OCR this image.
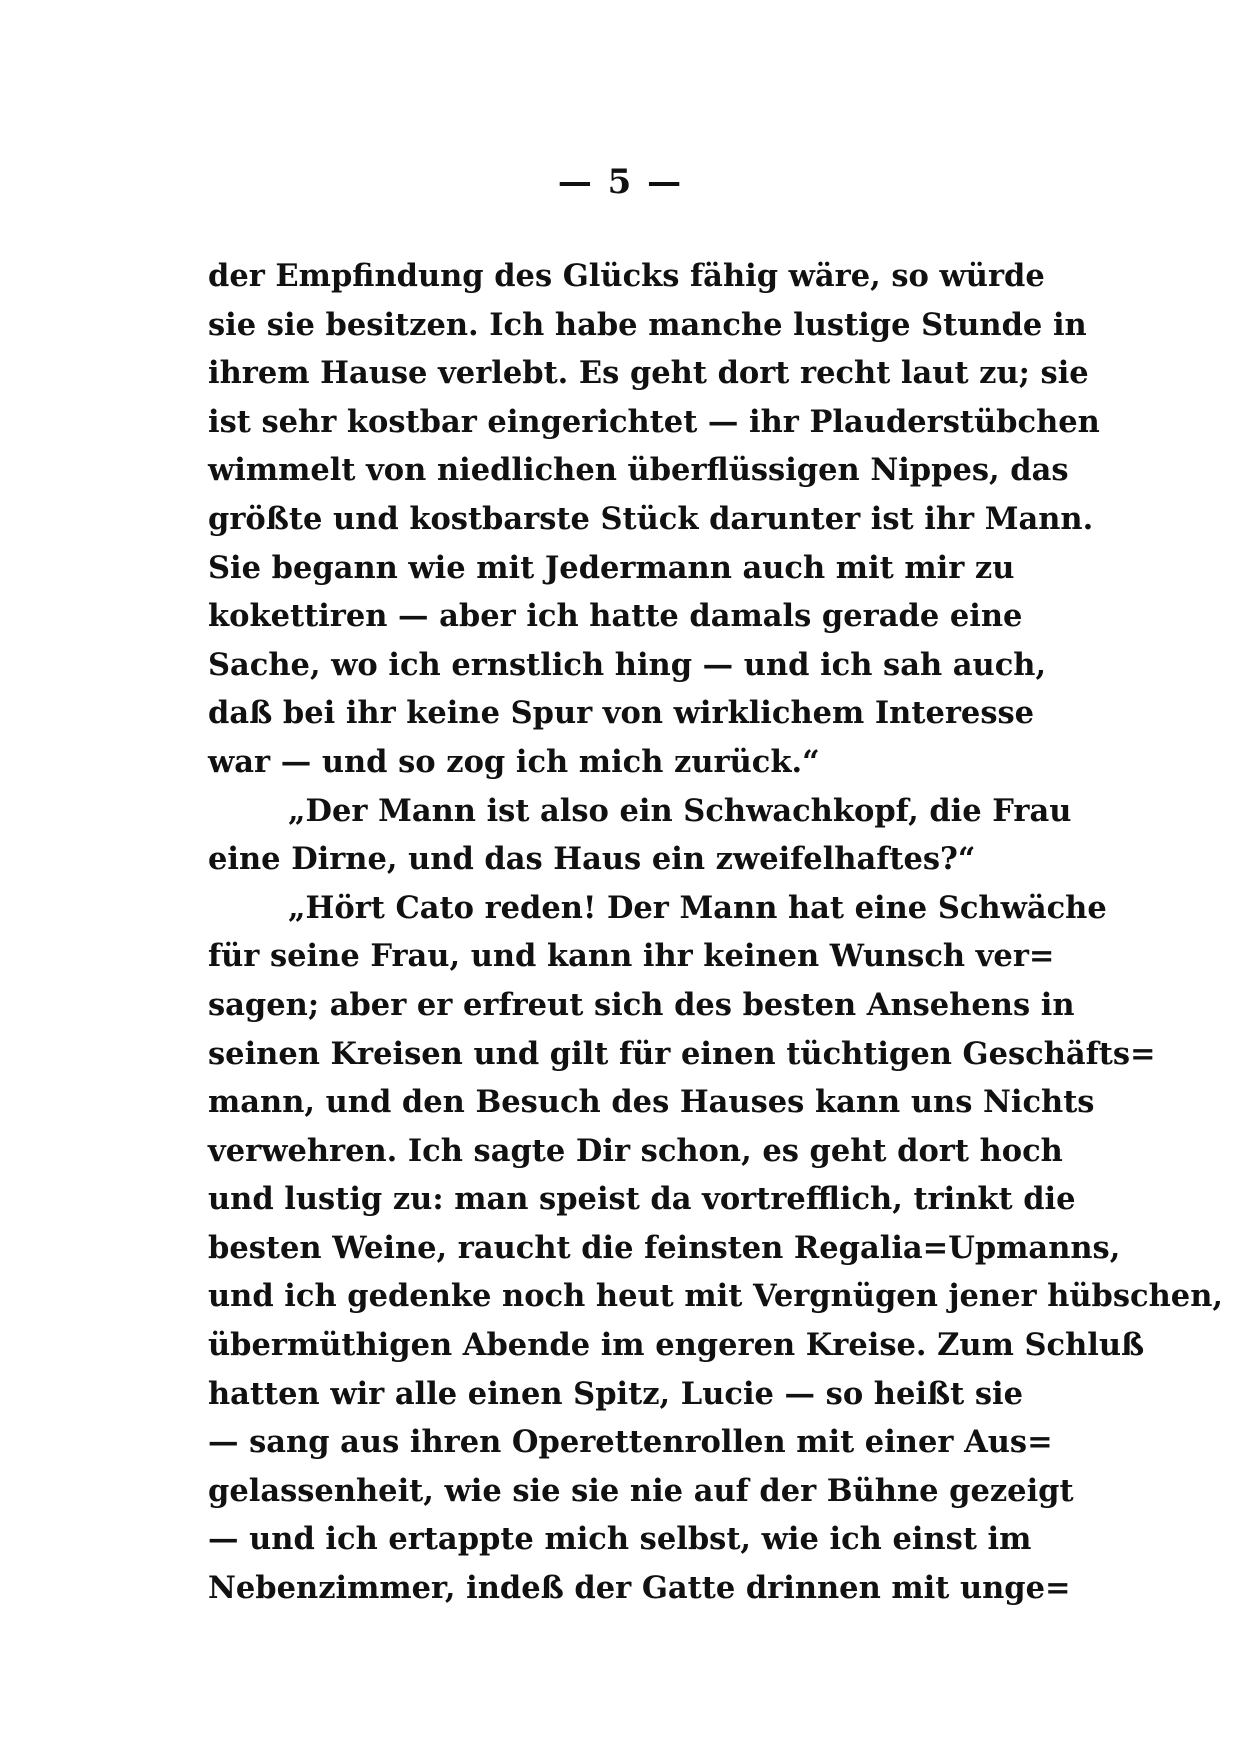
— 5 —
der Empfindung des Glücks fähig wäre, so würde
sie sie besitzen. Ich habe manche lustige Stunde in
ihrem Hause verlebt. Es geht dort recht laut zu; sie
ist sehr kostbar eingerichtet — ihr Plauderstübchen
wimmelt von niedlichen überflüssigen Nippes, das
größte und kostbarste Stück darunter ist ihr Mann.
Sie begann wie mit Jedermann auch mit mir zu
kokettiren — aber ich hatte damals gerade eine
Sache, wo ich ernstlich hing — und ich sah auch,
daß bei ihr keine Spur von wirklichem Interesse
war — und so zog ich mich zurück.“
„Der Mann ist also ein Schwachkopf, die Frau
eine Dirne, und das Haus ein zweifelhaftes?“
„Hört Cato reden! Der Mann hat eine Schwäche
für seine Frau, und kann ihr keinen Wunsch ver=
sagen; aber er erfreut sich des besten Ansehens in
seinen Kreisen und gilt für einen tüchtigen Geschäfts=
mann, und den Besuch des Hauses kann uns Nichts
verwehren. Ich sagte Dir schon, es geht dort hoch
und lustig zu: man speist da vortrefflich, trinkt die
besten Weine, raucht die feinsten Regalia=Upmanns,
und ich gedenke noch heut mit Vergnügen jener hübschen,
übermüthigen Abende im engeren Kreise. Zum Schluß
hatten wir alle einen Spitz, Lucie — so heißt sie
— sang aus ihren Operettenrollen mit einer Aus=
gelassenheit, wie sie sie nie auf der Bühne gezeigt
— und ich ertappte mich selbst, wie ich einst im
Nebenzimmer, indeß der Gatte drinnen mit unge=
